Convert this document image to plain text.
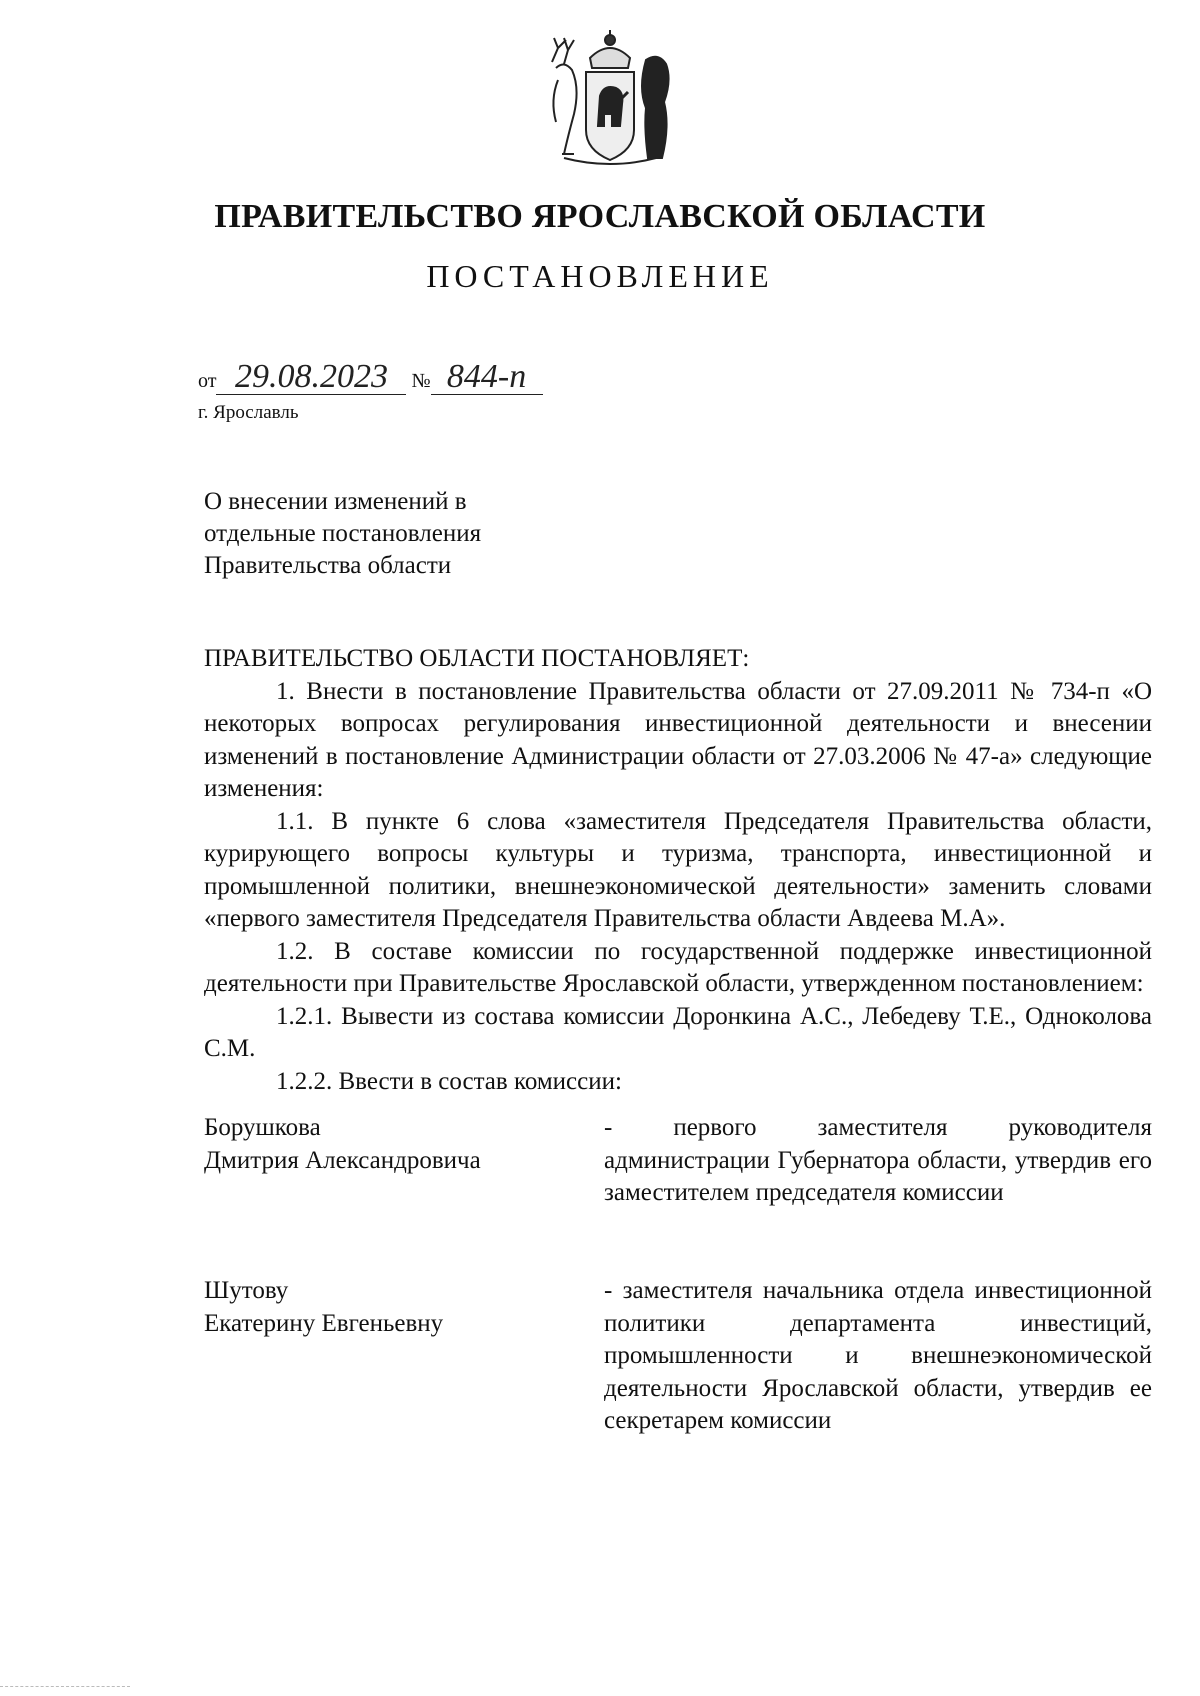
ПРАВИТЕЛЬСТВО ЯРОСЛАВСКОЙ ОБЛАСТИ
ПОСТАНОВЛЕНИЕ
от 29.08.2023 № 844-п
г. Ярославль
О внесении изменений в
отдельные постановления
Правительства области

ПРАВИТЕЛЬСТВО ОБЛАСТИ ПОСТАНОВЛЯЕТ:

1. Внести в постановление Правительства области от 27.09.2011 № 734-п «О некоторых вопросах регулирования инвестиционной деятельности и внесении изменений в постановление Администрации области от 27.03.2006 № 47-а» следующие изменения:

1.1. В пункте 6 слова «заместителя Председателя Правительства области, курирующего вопросы культуры и туризма, транспорта, инвестиционной и промышленной политики, внешнеэкономической деятельности» заменить словами «первого заместителя Председателя Правительства области Авдеева М.А».

1.2. В составе комиссии по государственной поддержке инвестиционной деятельности при Правительстве Ярославской области, утвержденном постановлением:

1.2.1. Вывести из состава комиссии Доронкина А.С., Лебедеву Т.Е., Одноколова С.М.

1.2.2. Ввести в состав комиссии:

Борушкова
Дмитрия Александровича
- первого заместителя руководителя администрации Губернатора области, утвердив его заместителем председателя комиссии
Шутову
Екатерину Евгеньевну
- заместителя начальника отдела инвестиционной политики департамента инвестиций, промышленности и внешнеэкономической деятельности Ярославской области, утвердив ее секретарем комиссии
